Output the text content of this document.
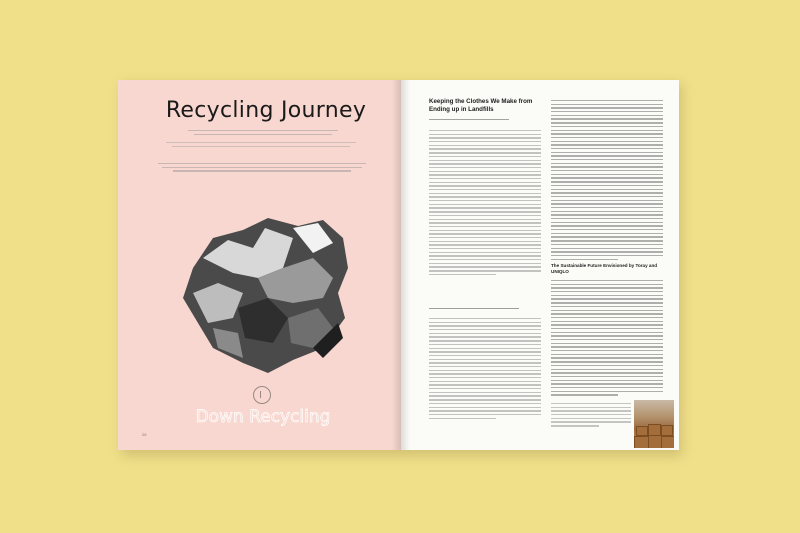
Recycling Journey
Down Recycling
26
Keeping the Clothes We Make from Ending up in Landfills
The Sustainable Future Envisioned by Toray and UNIQLO
